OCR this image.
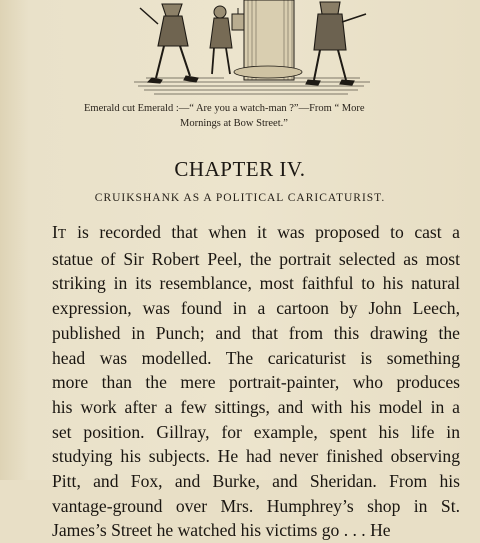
Emerald cut Emerald :—“ Are you a watch-man ?”—From “ More
Mornings at Bow Street.”
CHAPTER IV.
CRUIKSHANK AS A POLITICAL CARICATURIST.
IT is recorded that when it was proposed to cast a
statue of Sir Robert Peel, the portrait selected as most
striking in its resemblance, most faithful to his natural
expression, was found in a cartoon by John Leech,
published in Punch; and that from this drawing the
head was modelled. The caricaturist is something
more than the mere portrait-painter, who produces
his work after a few sittings, and with his model in a
set position. Gillray, for example, spent his life in
studying his subjects. He had never finished observing
Pitt, and Fox, and Burke, and Sheridan. From his
vantage-ground over Mrs. Humphrey’s shop in St.
James’s Street he watched his victims go . . . He
